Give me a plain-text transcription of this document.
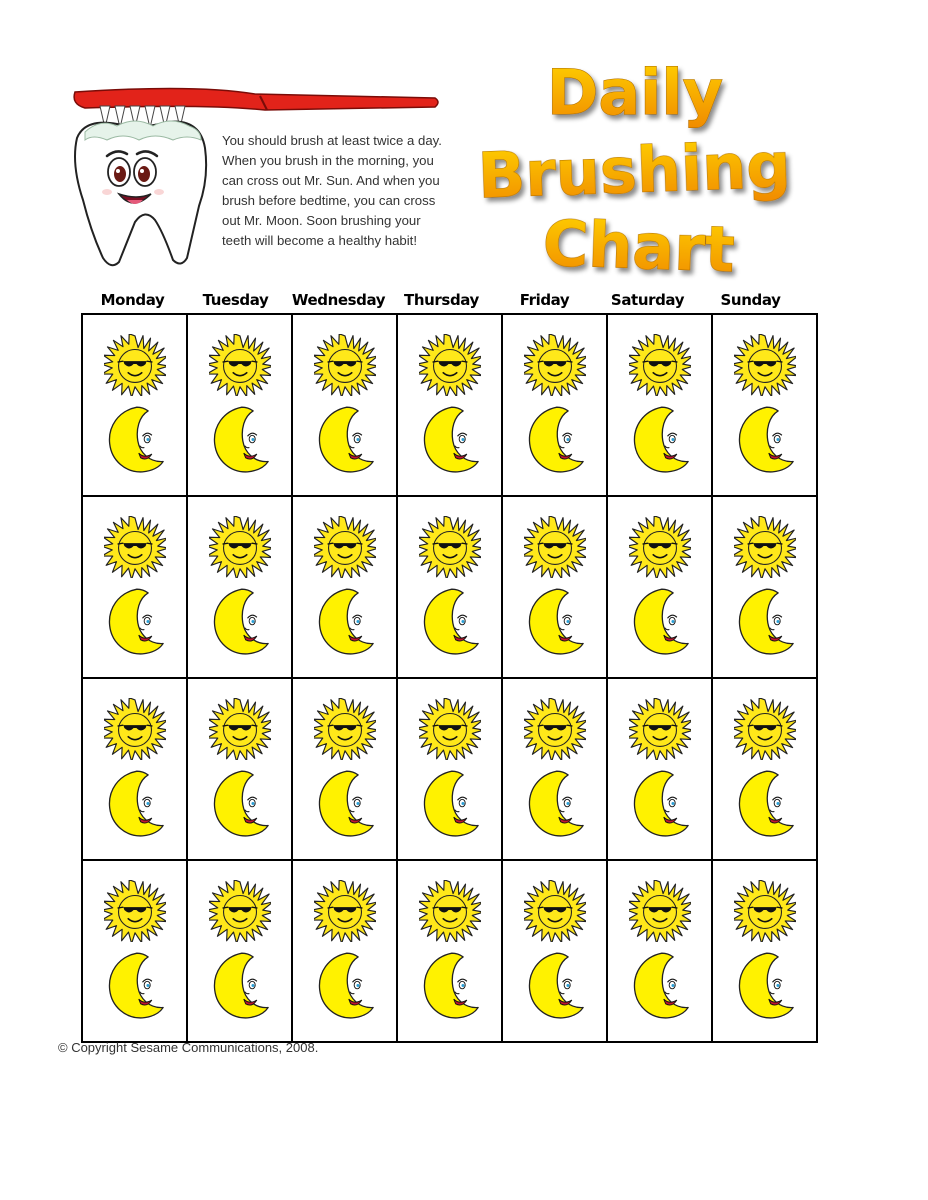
You should brush at least twice a day. When you brush in the morning, you can cross out Mr. Sun. And when you brush before bedtime, you can cross out Mr. Moon. Soon brushing your teeth will become a healthy habit!

Daily
Brushing
Chart
Monday	Tuesday	Wednesday	Thursday	Friday	Saturday	Sunday

© Copyright Sesame Communications, 2008.
